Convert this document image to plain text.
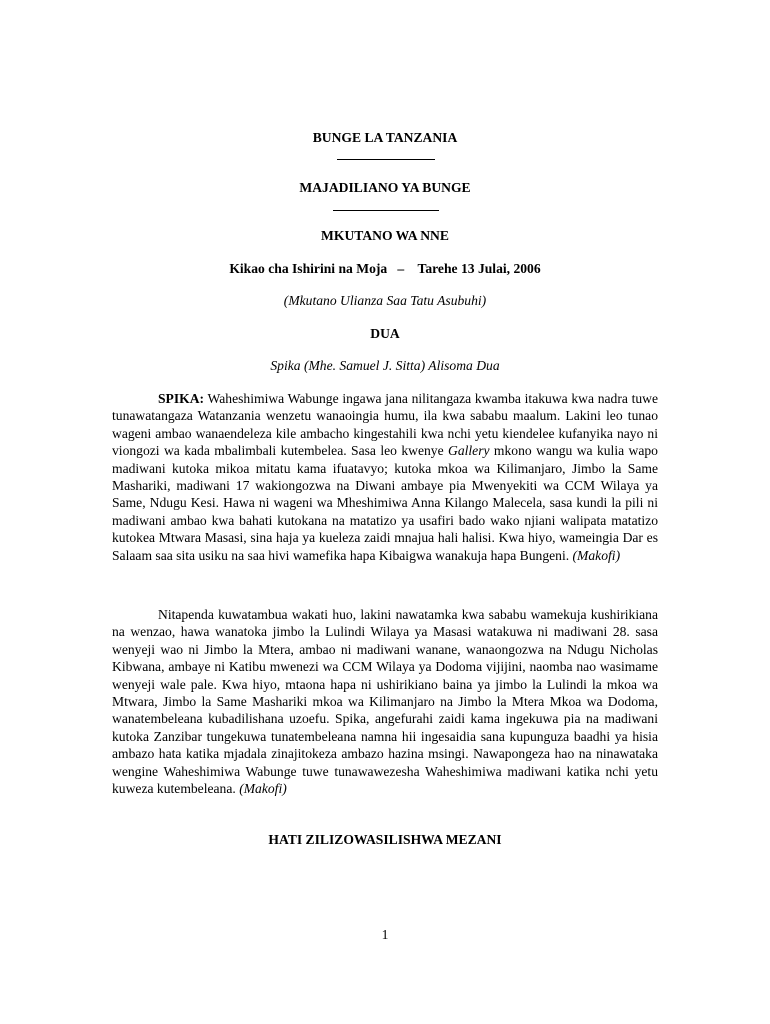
BUNGE LA TANZANIA
MAJADILIANO YA BUNGE
MKUTANO WA NNE
Kikao cha Ishirini na Moja   –    Tarehe 13 Julai, 2006
(Mkutano Ulianza Saa Tatu Asubuhi)
DUA
Spika (Mhe. Samuel J. Sitta) Alisoma Dua

SPIKA: Waheshimiwa Wabunge ingawa jana nilitangaza kwamba itakuwa kwa nadra tuwe tunawatangaza Watanzania wenzetu wanaoingia humu, ila kwa sababu maalum. Lakini leo tunao wageni ambao wanaendeleza kile ambacho kingestahili kwa nchi yetu kiendelee kufanyika nayo ni viongozi wa kada mbalimbali kutembelea. Sasa leo kwenye Gallery mkono wangu wa kulia wapo madiwani kutoka mikoa mitatu kama ifuatavyo; kutoka mkoa wa Kilimanjaro, Jimbo la Same Mashariki, madiwani 17 wakiongozwa na Diwani ambaye pia Mwenyekiti wa CCM Wilaya ya Same, Ndugu Kesi. Hawa ni wageni wa Mheshimiwa Anna Kilango Malecela, sasa kundi la pili ni madiwani ambao kwa bahati kutokana na matatizo ya usafiri bado wako njiani walipata matatizo kutokea Mtwara Masasi, sina haja ya kueleza zaidi mnajua hali halisi. Kwa hiyo, wameingia Dar es Salaam saa sita usiku na saa hivi wamefika hapa Kibaigwa wanakuja hapa Bungeni. (Makofi)

Nitapenda kuwatambua wakati huo, lakini nawatamka kwa sababu wamekuja kushirikiana na wenzao, hawa wanatoka jimbo la Lulindi Wilaya ya Masasi watakuwa ni madiwani 28. sasa wenyeji wao ni Jimbo la Mtera, ambao ni madiwani wanane, wanaongozwa na Ndugu Nicholas Kibwana, ambaye ni Katibu mwenezi wa CCM Wilaya ya Dodoma vijijini, naomba nao wasimame wenyeji wale pale. Kwa hiyo, mtaona hapa ni ushirikiano baina ya jimbo la Lulindi la mkoa wa Mtwara, Jimbo la Same Mashariki mkoa wa Kilimanjaro na Jimbo la Mtera Mkoa wa Dodoma, wanatembeleana kubadilishana uzoefu. Spika, angefurahi zaidi kama ingekuwa pia na madiwani kutoka Zanzibar tungekuwa tunatembeleana namna hii ingesaidia sana kupunguza baadhi ya hisia ambazo hata katika mjadala zinajitokeza ambazo hazina msingi. Nawapongeza hao na ninawataka wengine Waheshimiwa Wabunge tuwe tunawawezesha Waheshimiwa madiwani katika nchi yetu kuweza kutembeleana. (Makofi)

HATI ZILIZOWASILISHWA MEZANI
1
